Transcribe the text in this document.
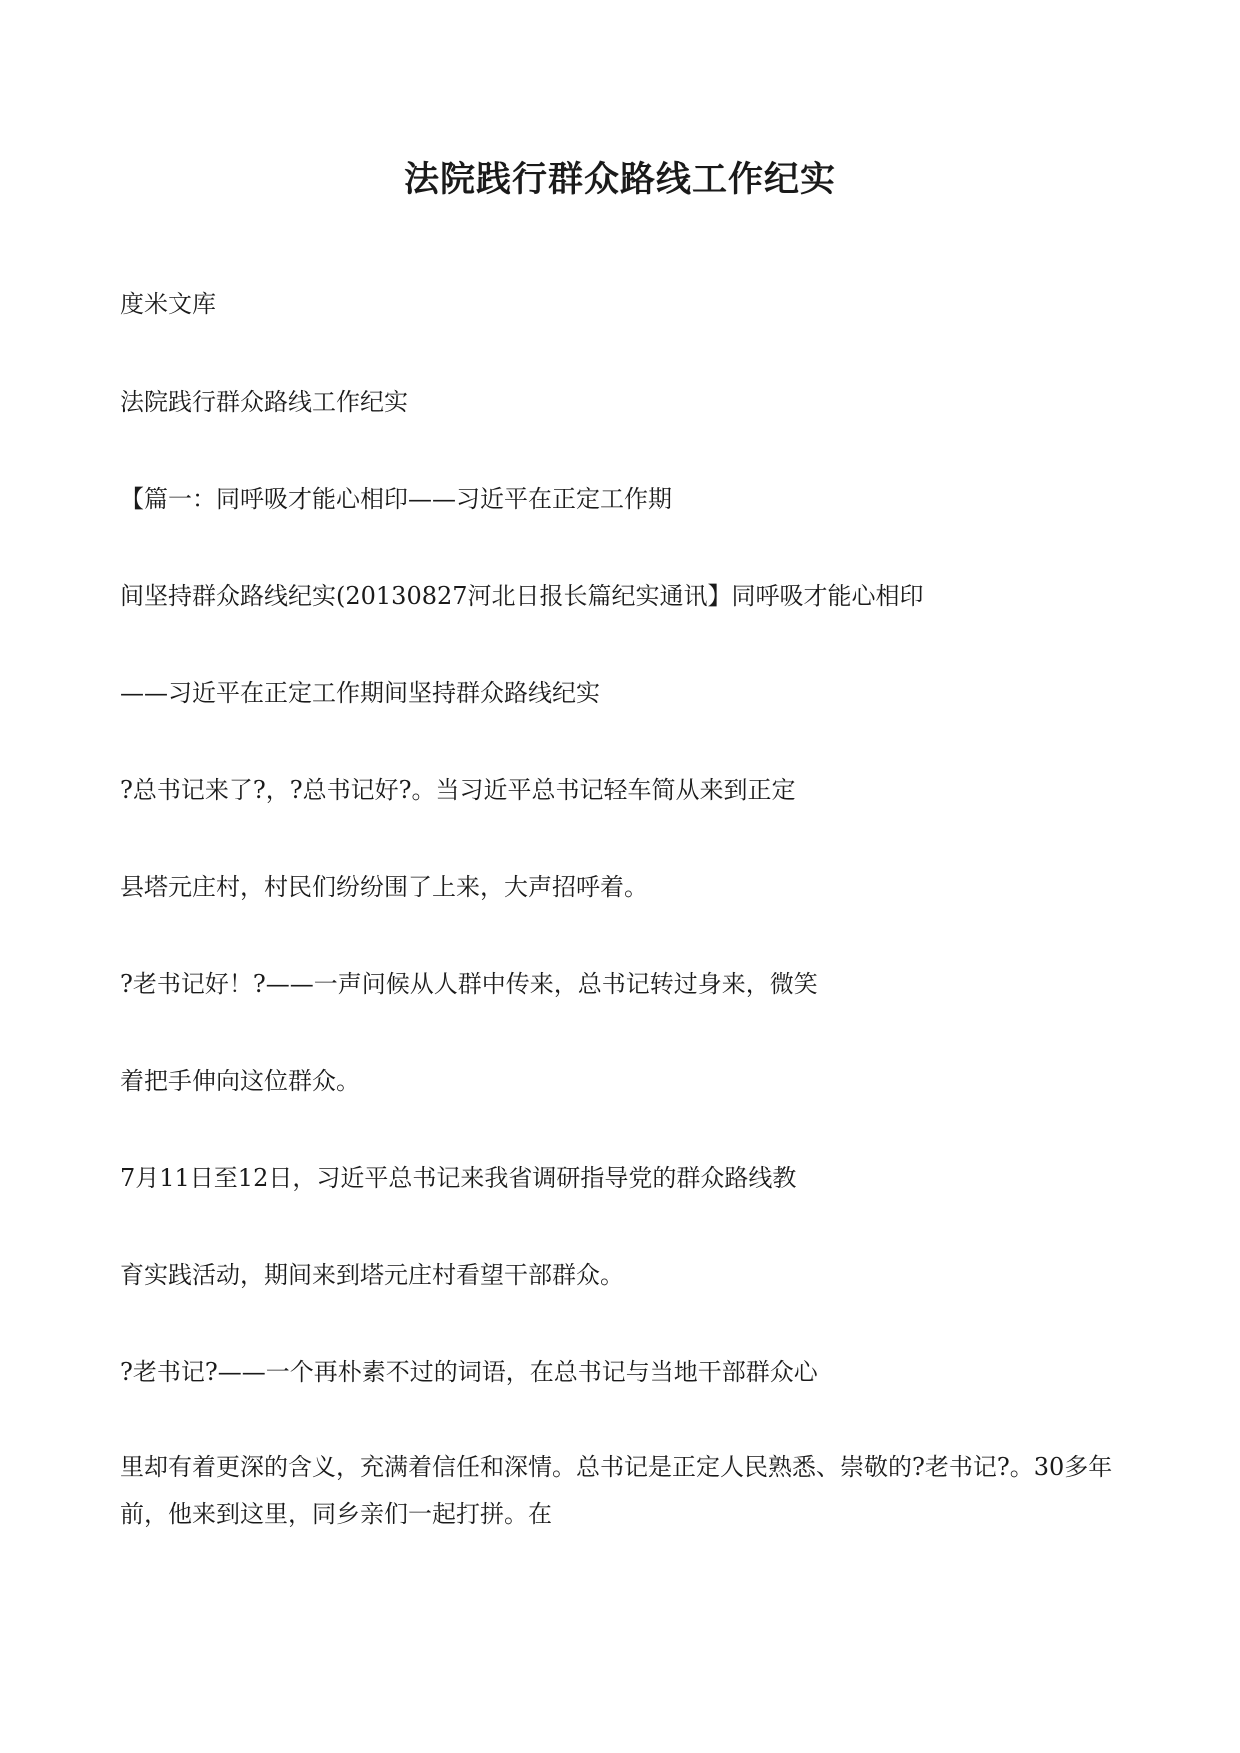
法院践行群众路线工作纪实

度米文库

法院践行群众路线工作纪实

【篇一：同呼吸才能心相印——习近平在正定工作期

间坚持群众路线纪实(20130827河北日报长篇纪实通讯】同呼吸才能心相印

——习近平在正定工作期间坚持群众路线纪实

?总书记来了?，?总书记好?。当习近平总书记轻车简从来到正定

县塔元庄村，村民们纷纷围了上来，大声招呼着。

?老书记好！?——一声问候从人群中传来，总书记转过身来，微笑

着把手伸向这位群众。

7月11日至12日，习近平总书记来我省调研指导党的群众路线教

育实践活动，期间来到塔元庄村看望干部群众。

?老书记?——一个再朴素不过的词语，在总书记与当地干部群众心

里却有着更深的含义，充满着信任和深情。总书记是正定人民熟悉、崇敬的?老书记?。30多年前，他来到这里，同乡亲们一起打拼。在
